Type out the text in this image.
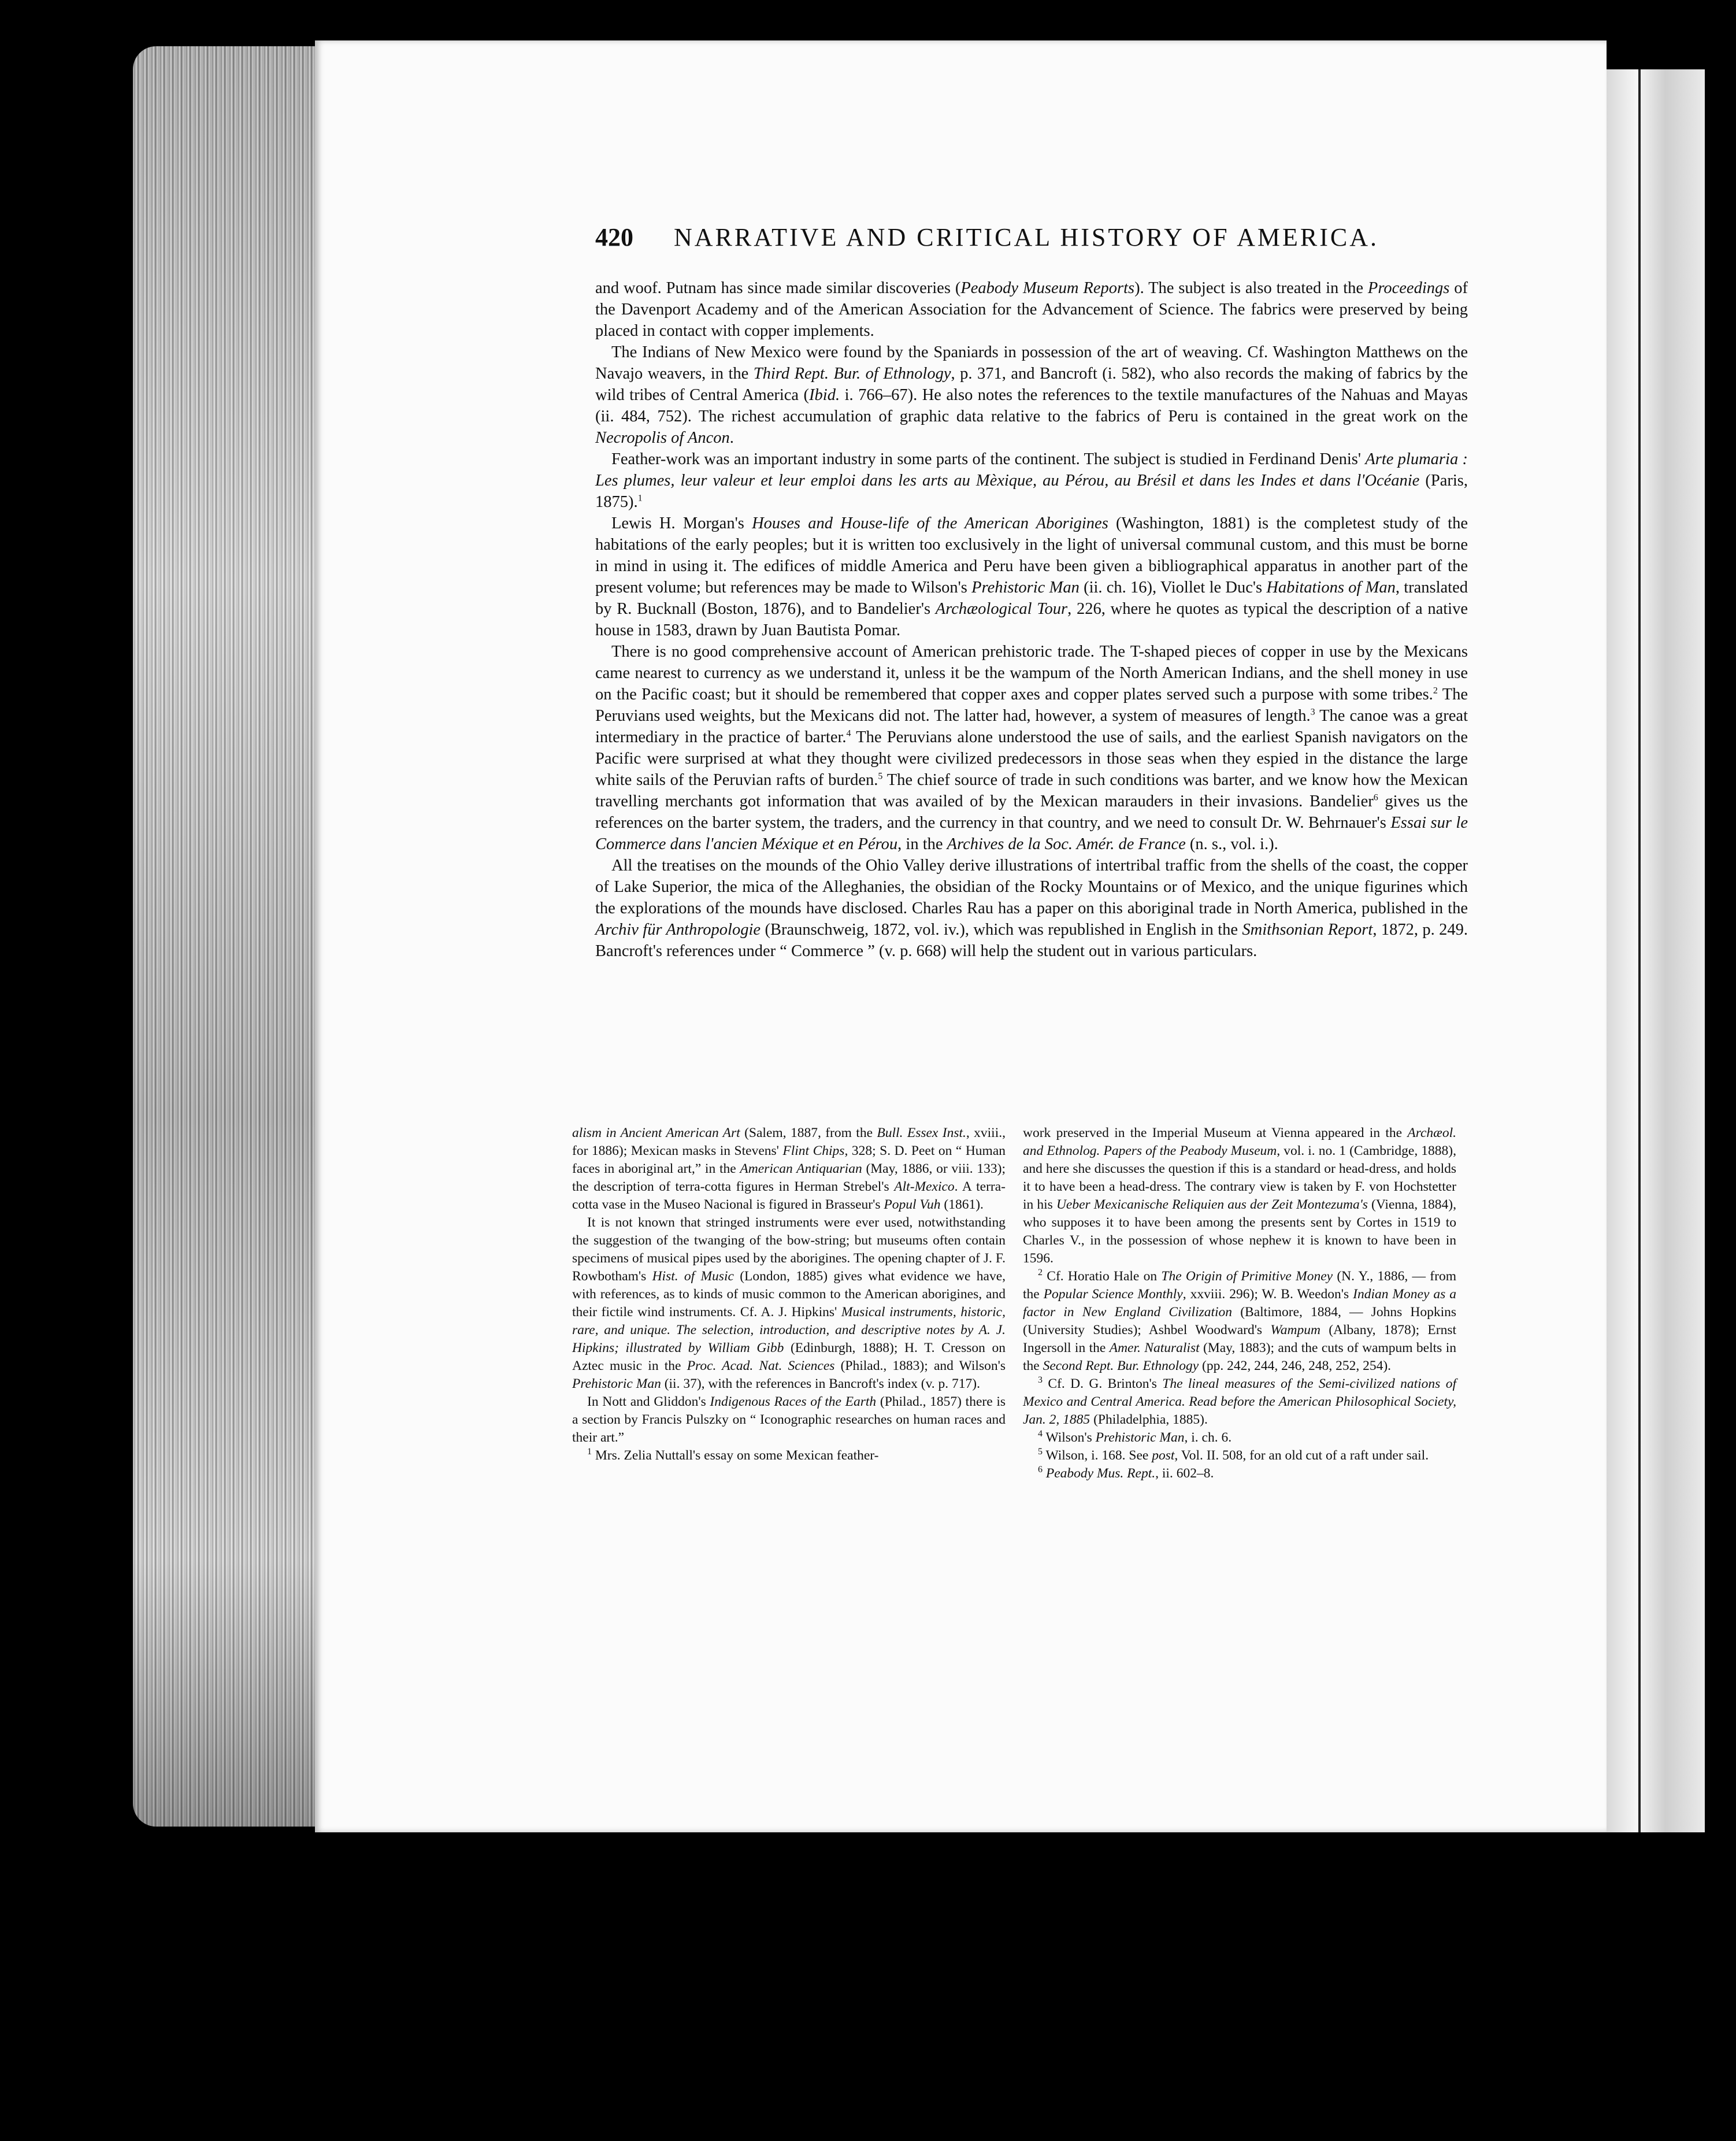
420 NARRATIVE AND CRITICAL HISTORY OF AMERICA.

and woof. Putnam has since made similar discoveries (Peabody Museum Reports). The subject is also treated in the Proceedings of the Davenport Academy and of the American Association for the Advancement of Science. The fabrics were preserved by being placed in contact with copper implements.

The Indians of New Mexico were found by the Spaniards in possession of the art of weaving. Cf. Washington Matthews on the Navajo weavers, in the Third Rept. Bur. of Ethnology, p. 371, and Bancroft (i. 582), who also records the making of fabrics by the wild tribes of Central America (Ibid. i. 766–67). He also notes the references to the textile manufactures of the Nahuas and Mayas (ii. 484, 752). The richest accumulation of graphic data relative to the fabrics of Peru is contained in the great work on the Necropolis of Ancon.

Feather-work was an important industry in some parts of the continent. The subject is studied in Ferdinand Denis' Arte plumaria : Les plumes, leur valeur et leur emploi dans les arts au Mèxique, au Pérou, au Brésil et dans les Indes et dans l'Océanie (Paris, 1875).$^1$

Lewis H. Morgan's Houses and House-life of the American Aborigines (Washington, 1881) is the completest study of the habitations of the early peoples; but it is written too exclusively in the light of universal communal custom, and this must be borne in mind in using it. The edifices of middle America and Peru have been given a bibliographical apparatus in another part of the present volume; but references may be made to Wilson's Prehistoric Man (ii. ch. 16), Viollet le Duc's Habitations of Man, translated by R. Bucknall (Boston, 1876), and to Bandelier's Archæological Tour, 226, where he quotes as typical the description of a native house in 1583, drawn by Juan Bautista Pomar.

There is no good comprehensive account of American prehistoric trade. The T-shaped pieces of copper in use by the Mexicans came nearest to currency as we understand it, unless it be the wampum of the North American Indians, and the shell money in use on the Pacific coast; but it should be remembered that copper axes and copper plates served such a purpose with some tribes.$^2$ The Peruvians used weights, but the Mexicans did not. The latter had, however, a system of measures of length.$^3$ The canoe was a great intermediary in the practice of barter.$^4$ The Peruvians alone understood the use of sails, and the earliest Spanish navigators on the Pacific were surprised at what they thought were civilized predecessors in those seas when they espied in the distance the large white sails of the Peruvian rafts of burden.$^5$ The chief source of trade in such conditions was barter, and we know how the Mexican travelling merchants got information that was availed of by the Mexican marauders in their invasions. Bandelier$^6$ gives us the references on the barter system, the traders, and the currency in that country, and we need to consult Dr. W. Behrnauer's Essai sur le Commerce dans l'ancien Méxique et en Pérou, in the Archives de la Soc. Amér. de France (n. s., vol. i.).

All the treatises on the mounds of the Ohio Valley derive illustrations of intertribal traffic from the shells of the coast, the copper of Lake Superior, the mica of the Alleghanies, the obsidian of the Rocky Mountains or of Mexico, and the unique figurines which the explorations of the mounds have disclosed. Charles Rau has a paper on this aboriginal trade in North America, published in the Archiv für Anthropologie (Braunschweig, 1872, vol. iv.), which was republished in English in the Smithsonian Report, 1872, p. 249. Bancroft's references under “ Commerce ” (v. p. 668) will help the student out in various particulars.

alism in Ancient American Art (Salem, 1887, from the Bull. Essex Inst., xviii., for 1886); Mexican masks in Stevens' Flint Chips, 328; S. D. Peet on “ Human faces in aboriginal art,” in the American Antiquarian (May, 1886, or viii. 133); the description of terra-cotta figures in Herman Strebel's Alt-Mexico. A terra-cotta vase in the Museo Nacional is figured in Brasseur's Popul Vuh (1861).

It is not known that stringed instruments were ever used, notwithstanding the suggestion of the twanging of the bow-string; but museums often contain specimens of musical pipes used by the aborigines. The opening chapter of J. F. Rowbotham's Hist. of Music (London, 1885) gives what evidence we have, with references, as to kinds of music common to the American aborigines, and their fictile wind instruments. Cf. A. J. Hipkins' Musical instruments, historic, rare, and unique. The selection, introduction, and descriptive notes by A. J. Hipkins; illustrated by William Gibb (Edinburgh, 1888); H. T. Cresson on Aztec music in the Proc. Acad. Nat. Sciences (Philad., 1883); and Wilson's Prehistoric Man (ii. 37), with the references in Bancroft's index (v. p. 717).

In Nott and Gliddon's Indigenous Races of the Earth (Philad., 1857) there is a section by Francis Pulszky on “ Iconographic researches on human races and their art.”

$^1$ Mrs. Zelia Nuttall's essay on some Mexican feather-

work preserved in the Imperial Museum at Vienna appeared in the Archæol. and Ethnolog. Papers of the Peabody Museum, vol. i. no. 1 (Cambridge, 1888), and here she discusses the question if this is a standard or head-dress, and holds it to have been a head-dress. The contrary view is taken by F. von Hochstetter in his Ueber Mexicanische Reliquien aus der Zeit Montezuma's (Vienna, 1884), who supposes it to have been among the presents sent by Cortes in 1519 to Charles V., in the possession of whose nephew it is known to have been in 1596.

$^2$ Cf. Horatio Hale on The Origin of Primitive Money (N. Y., 1886, — from the Popular Science Monthly, xxviii. 296); W. B. Weedon's Indian Money as a factor in New England Civilization (Baltimore, 1884, — Johns Hopkins (University Studies); Ashbel Woodward's Wampum (Albany, 1878); Ernst Ingersoll in the Amer. Naturalist (May, 1883); and the cuts of wampum belts in the Second Rept. Bur. Ethnology (pp. 242, 244, 246, 248, 252, 254).

$^3$ Cf. D. G. Brinton's The lineal measures of the Semi-civilized nations of Mexico and Central America. Read before the American Philosophical Society, Jan. 2, 1885 (Philadelphia, 1885).

$^4$ Wilson's Prehistoric Man, i. ch. 6.

$^5$ Wilson, i. 168. See post, Vol. II. 508, for an old cut of a raft under sail.

$^6$ Peabody Mus. Rept., ii. 602–8.
